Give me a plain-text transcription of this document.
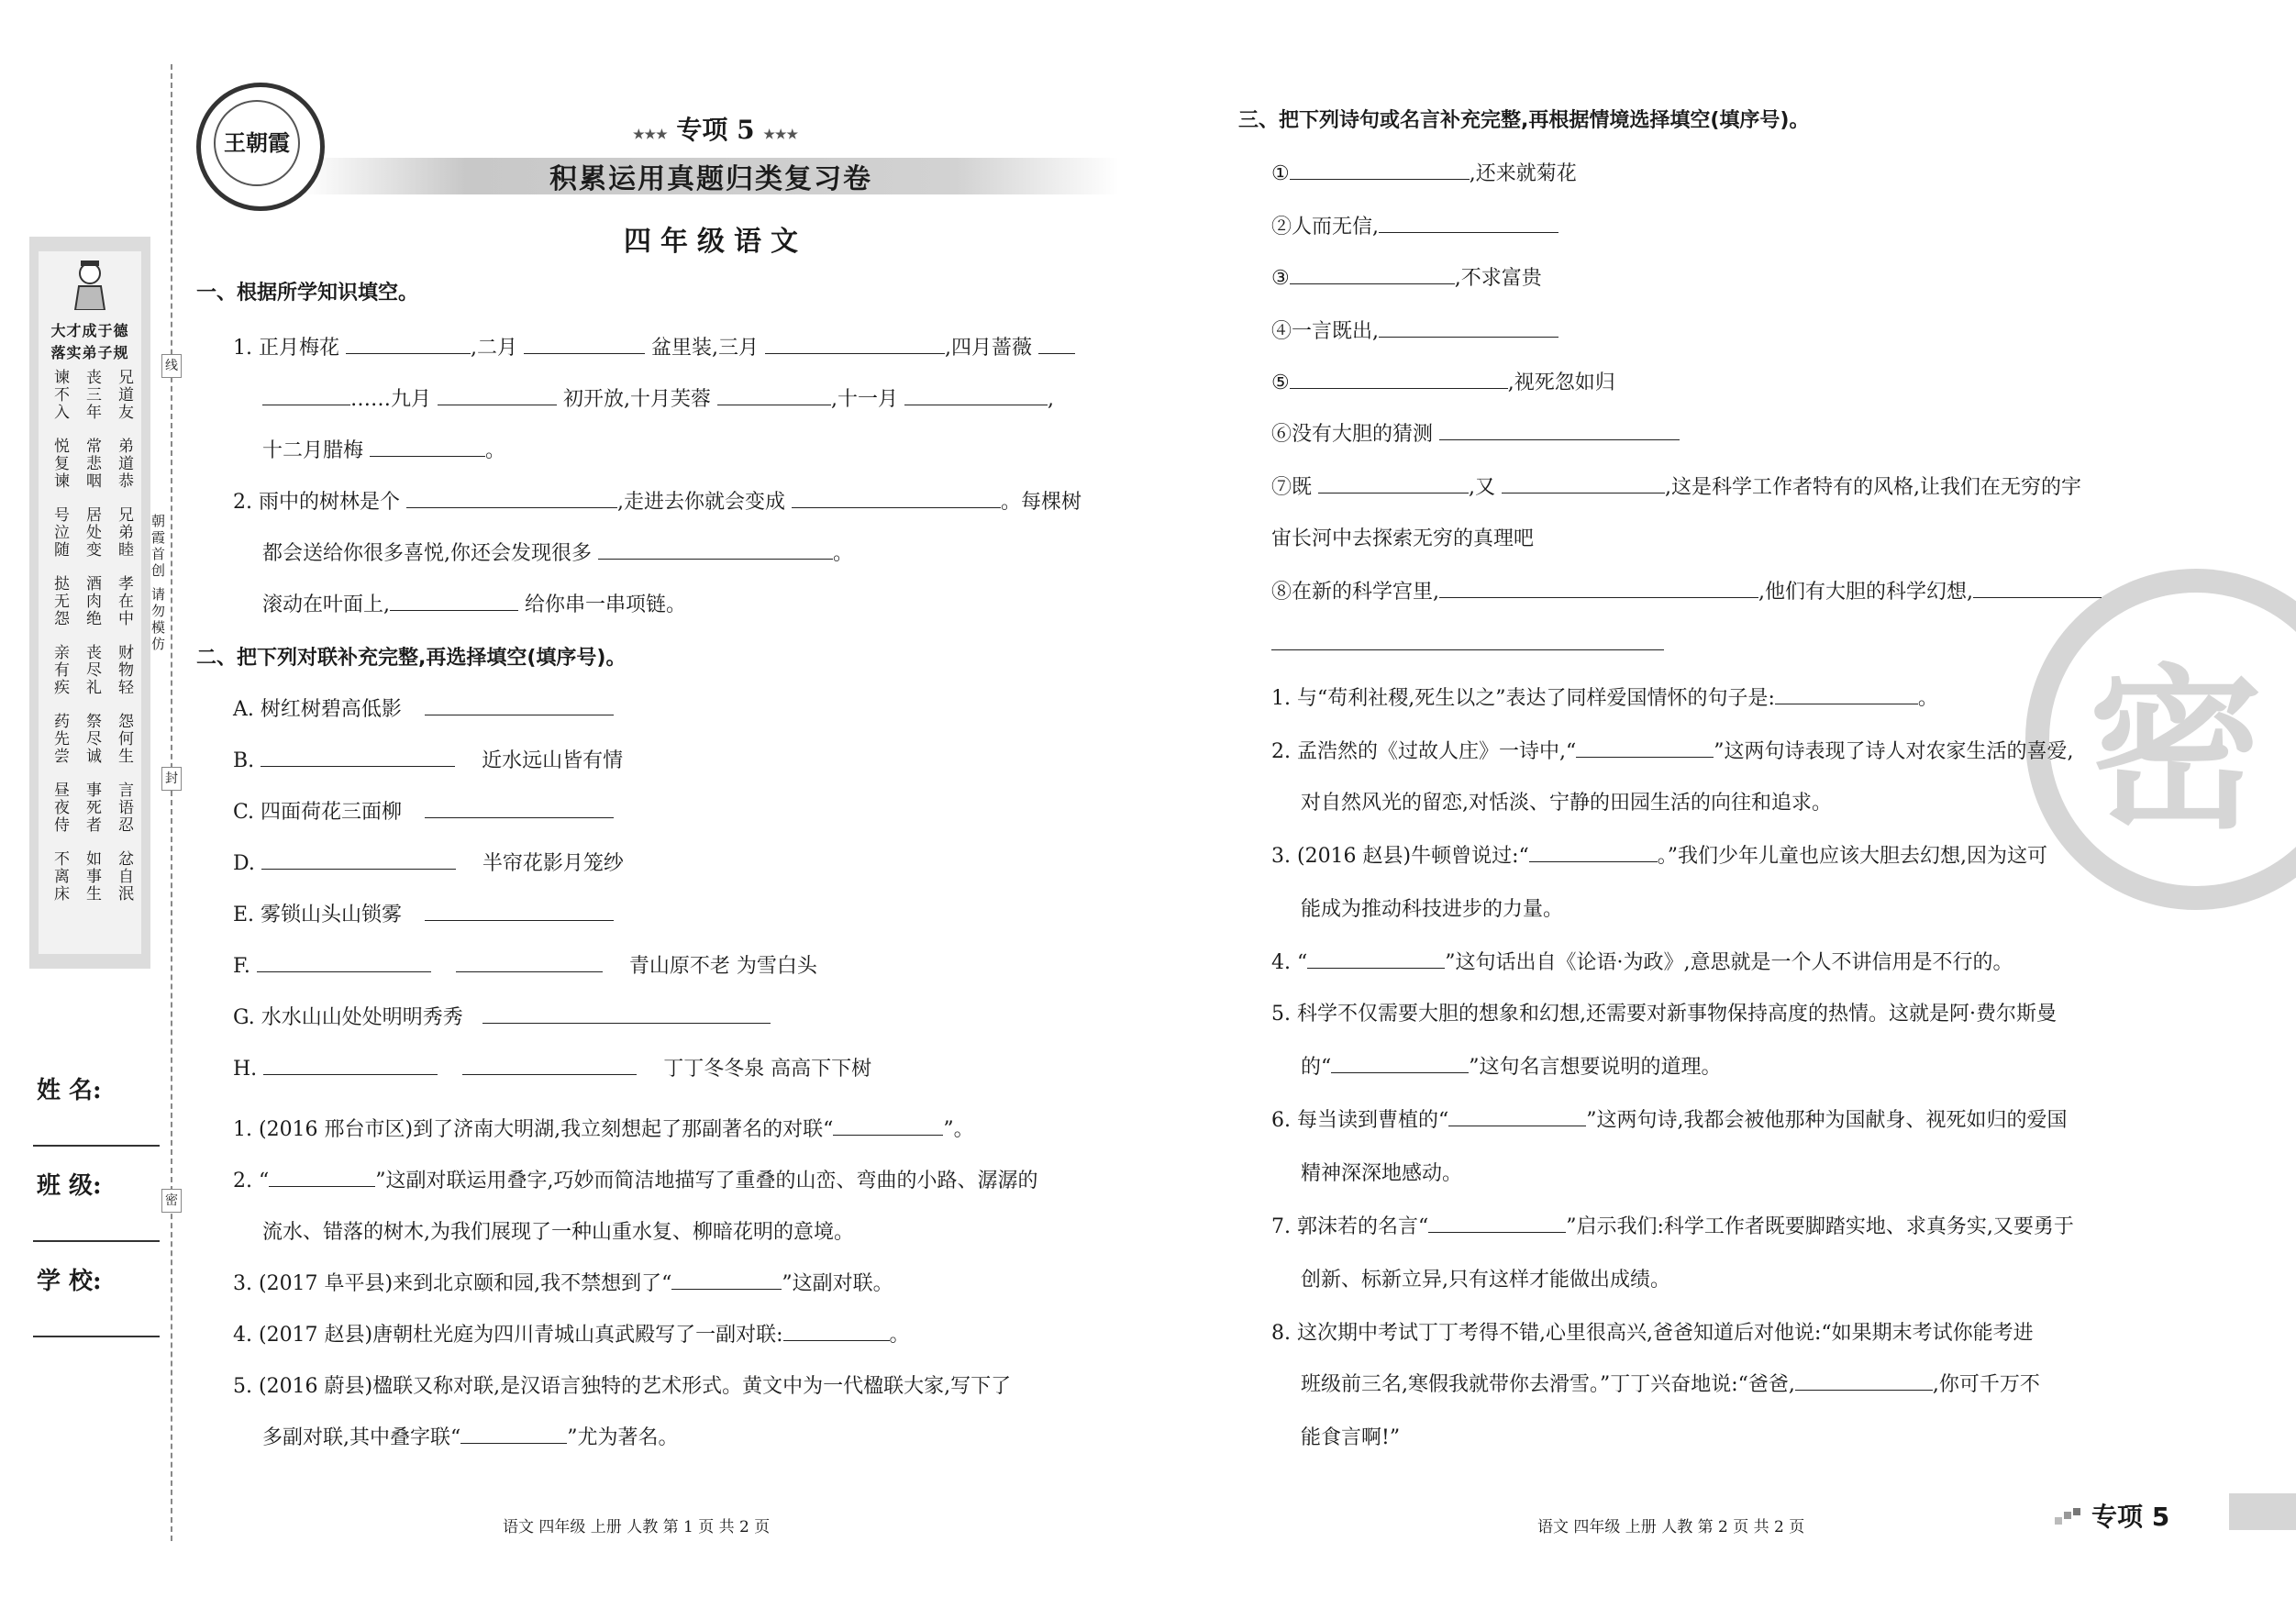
大才成于德
落实弟子规
谏不入 丧三年 兄道友
悦复谏 常悲咽 弟道恭
号泣随 居处变 兄弟睦
挞无怨 酒肉绝 孝在中
亲有疾 丧尽礼 财物轻
药先尝 祭尽诚 怨何生
昼夜侍 事死者 言语忍
不离床 如事生 忿自泯
线
封
密
朝霞首创 请勿模仿
姓 名:
班 级:
学 校:
王朝霞	★★★ 专项 5 ★★★
积累运用真题归类复习卷
四年级语文
一、根据所学知识填空。
1. 正月梅花	,二月	盆里装,三月	,四月蔷薇
……九月	初开放,十月芙蓉	,十一月	,
十二月腊梅	。
2. 雨中的树林是个	,走进去你就会变成	。每棵树
都会送给你很多喜悦,你还会发现很多	。
滚动在叶面上,	给你串一串项链。
二、把下列对联补充完整,再选择填空(填序号)。
A. 树红树碧高低影
B.	近水远山皆有情
C. 四面荷花三面柳
D.	半帘花影月笼纱
E. 雾锁山头山锁雾
F.	青山原不老 为雪白头
G. 水水山山处处明明秀秀
H.	丁丁冬冬泉 高高下下树
1. (2016 邢台市区)到了济南大明湖,我立刻想起了那副著名的对联“	”。
2. “	”这副对联运用叠字,巧妙而简洁地描写了重叠的山峦、弯曲的小路、潺潺的
流水、错落的树木,为我们展现了一种山重水复、柳暗花明的意境。
3. (2017 阜平县)来到北京颐和园,我不禁想到了“	”这副对联。
4. (2017 赵县)唐朝杜光庭为四川青城山真武殿写了一副对联:	。
5. (2016 蔚县)楹联又称对联,是汉语言独特的艺术形式。黄文中为一代楹联大家,写下了
多副对联,其中叠字联“	”尤为著名。
语文 四年级 上册 人教 第 1 页 共 2 页
密
三、把下列诗句或名言补充完整,再根据情境选择填空(填序号)。
①	,还来就菊花
②人而无信,
③	,不求富贵
④一言既出,
⑤	,视死忽如归
⑥没有大胆的猜测
⑦既	,又	,这是科学工作者特有的风格,让我们在无穷的宇
宙长河中去探索无穷的真理吧
⑧在新的科学宫里,	,他们有大胆的科学幻想,
1. 与“苟利社稷,死生以之”表达了同样爱国情怀的句子是:	。
2. 孟浩然的《过故人庄》一诗中,“	”这两句诗表现了诗人对农家生活的喜爱,
对自然风光的留恋,对恬淡、宁静的田园生活的向往和追求。
3. (2016 赵县)牛顿曾说过:“	。”我们少年儿童也应该大胆去幻想,因为这可
能成为推动科技进步的力量。
4. “	”这句话出自《论语·为政》,意思就是一个人不讲信用是不行的。
5. 科学不仅需要大胆的想象和幻想,还需要对新事物保持高度的热情。这就是阿·费尔斯曼
的“	”这句名言想要说明的道理。
6. 每当读到曹植的“	”这两句诗,我都会被他那种为国献身、视死如归的爱国
精神深深地感动。
7. 郭沫若的名言“	”启示我们:科学工作者既要脚踏实地、求真务实,又要勇于
创新、标新立异,只有这样才能做出成绩。
8. 这次期中考试丁丁考得不错,心里很高兴,爸爸知道后对他说:“如果期末考试你能考进
班级前三名,寒假我就带你去滑雪。”丁丁兴奋地说:“爸爸,	,你可千万不
能食言啊!”
语文 四年级 上册 人教 第 2 页 共 2 页	专项 5
